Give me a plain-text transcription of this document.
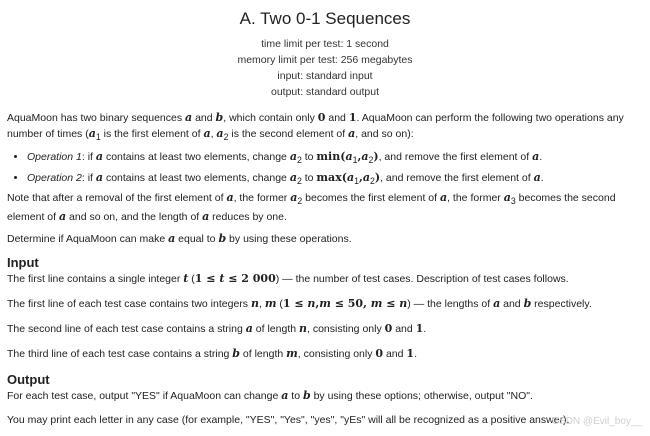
A. Two 0-1 Sequences
time limit per test: 1 second
memory limit per test: 256 megabytes
input: standard input
output: standard output
AquaMoon has two binary sequences a and b, which contain only 0 and 1. AquaMoon can perform the following two operations any number of times ($a_1$ is the first element of a, $a_2$ is the second element of a, and so on):
• Operation 1: if a contains at least two elements, change $a_2$ to $\min(a_1,a_2)$, and remove the first element of a.
• Operation 2: if a contains at least two elements, change $a_2$ to $\max(a_1,a_2)$, and remove the first element of a.
Note that after a removal of the first element of a, the former $a_2$ becomes the first element of a, the former $a_3$ becomes the second element of a and so on, and the length of a reduces by one.
Determine if AquaMoon can make a equal to b by using these operations.
Input
The first line contains a single integer t (1 ≤ t ≤ 2 000) — the number of test cases. Description of test cases follows.
The first line of each test case contains two integers n, m (1 ≤ n,m ≤ 50, m ≤ n) — the lengths of a and b respectively.
The second line of each test case contains a string a of length n, consisting only 0 and 1.
The third line of each test case contains a string b of length m, consisting only 0 and 1.
Output
For each test case, output "YES" if AquaMoon can change a to b by using these options; otherwise, output "NO".
You may print each letter in any case (for example, "YES", "Yes", "yes", "yEs" will all be recognized as a positive answer).
CSDN @Evil_boy__
